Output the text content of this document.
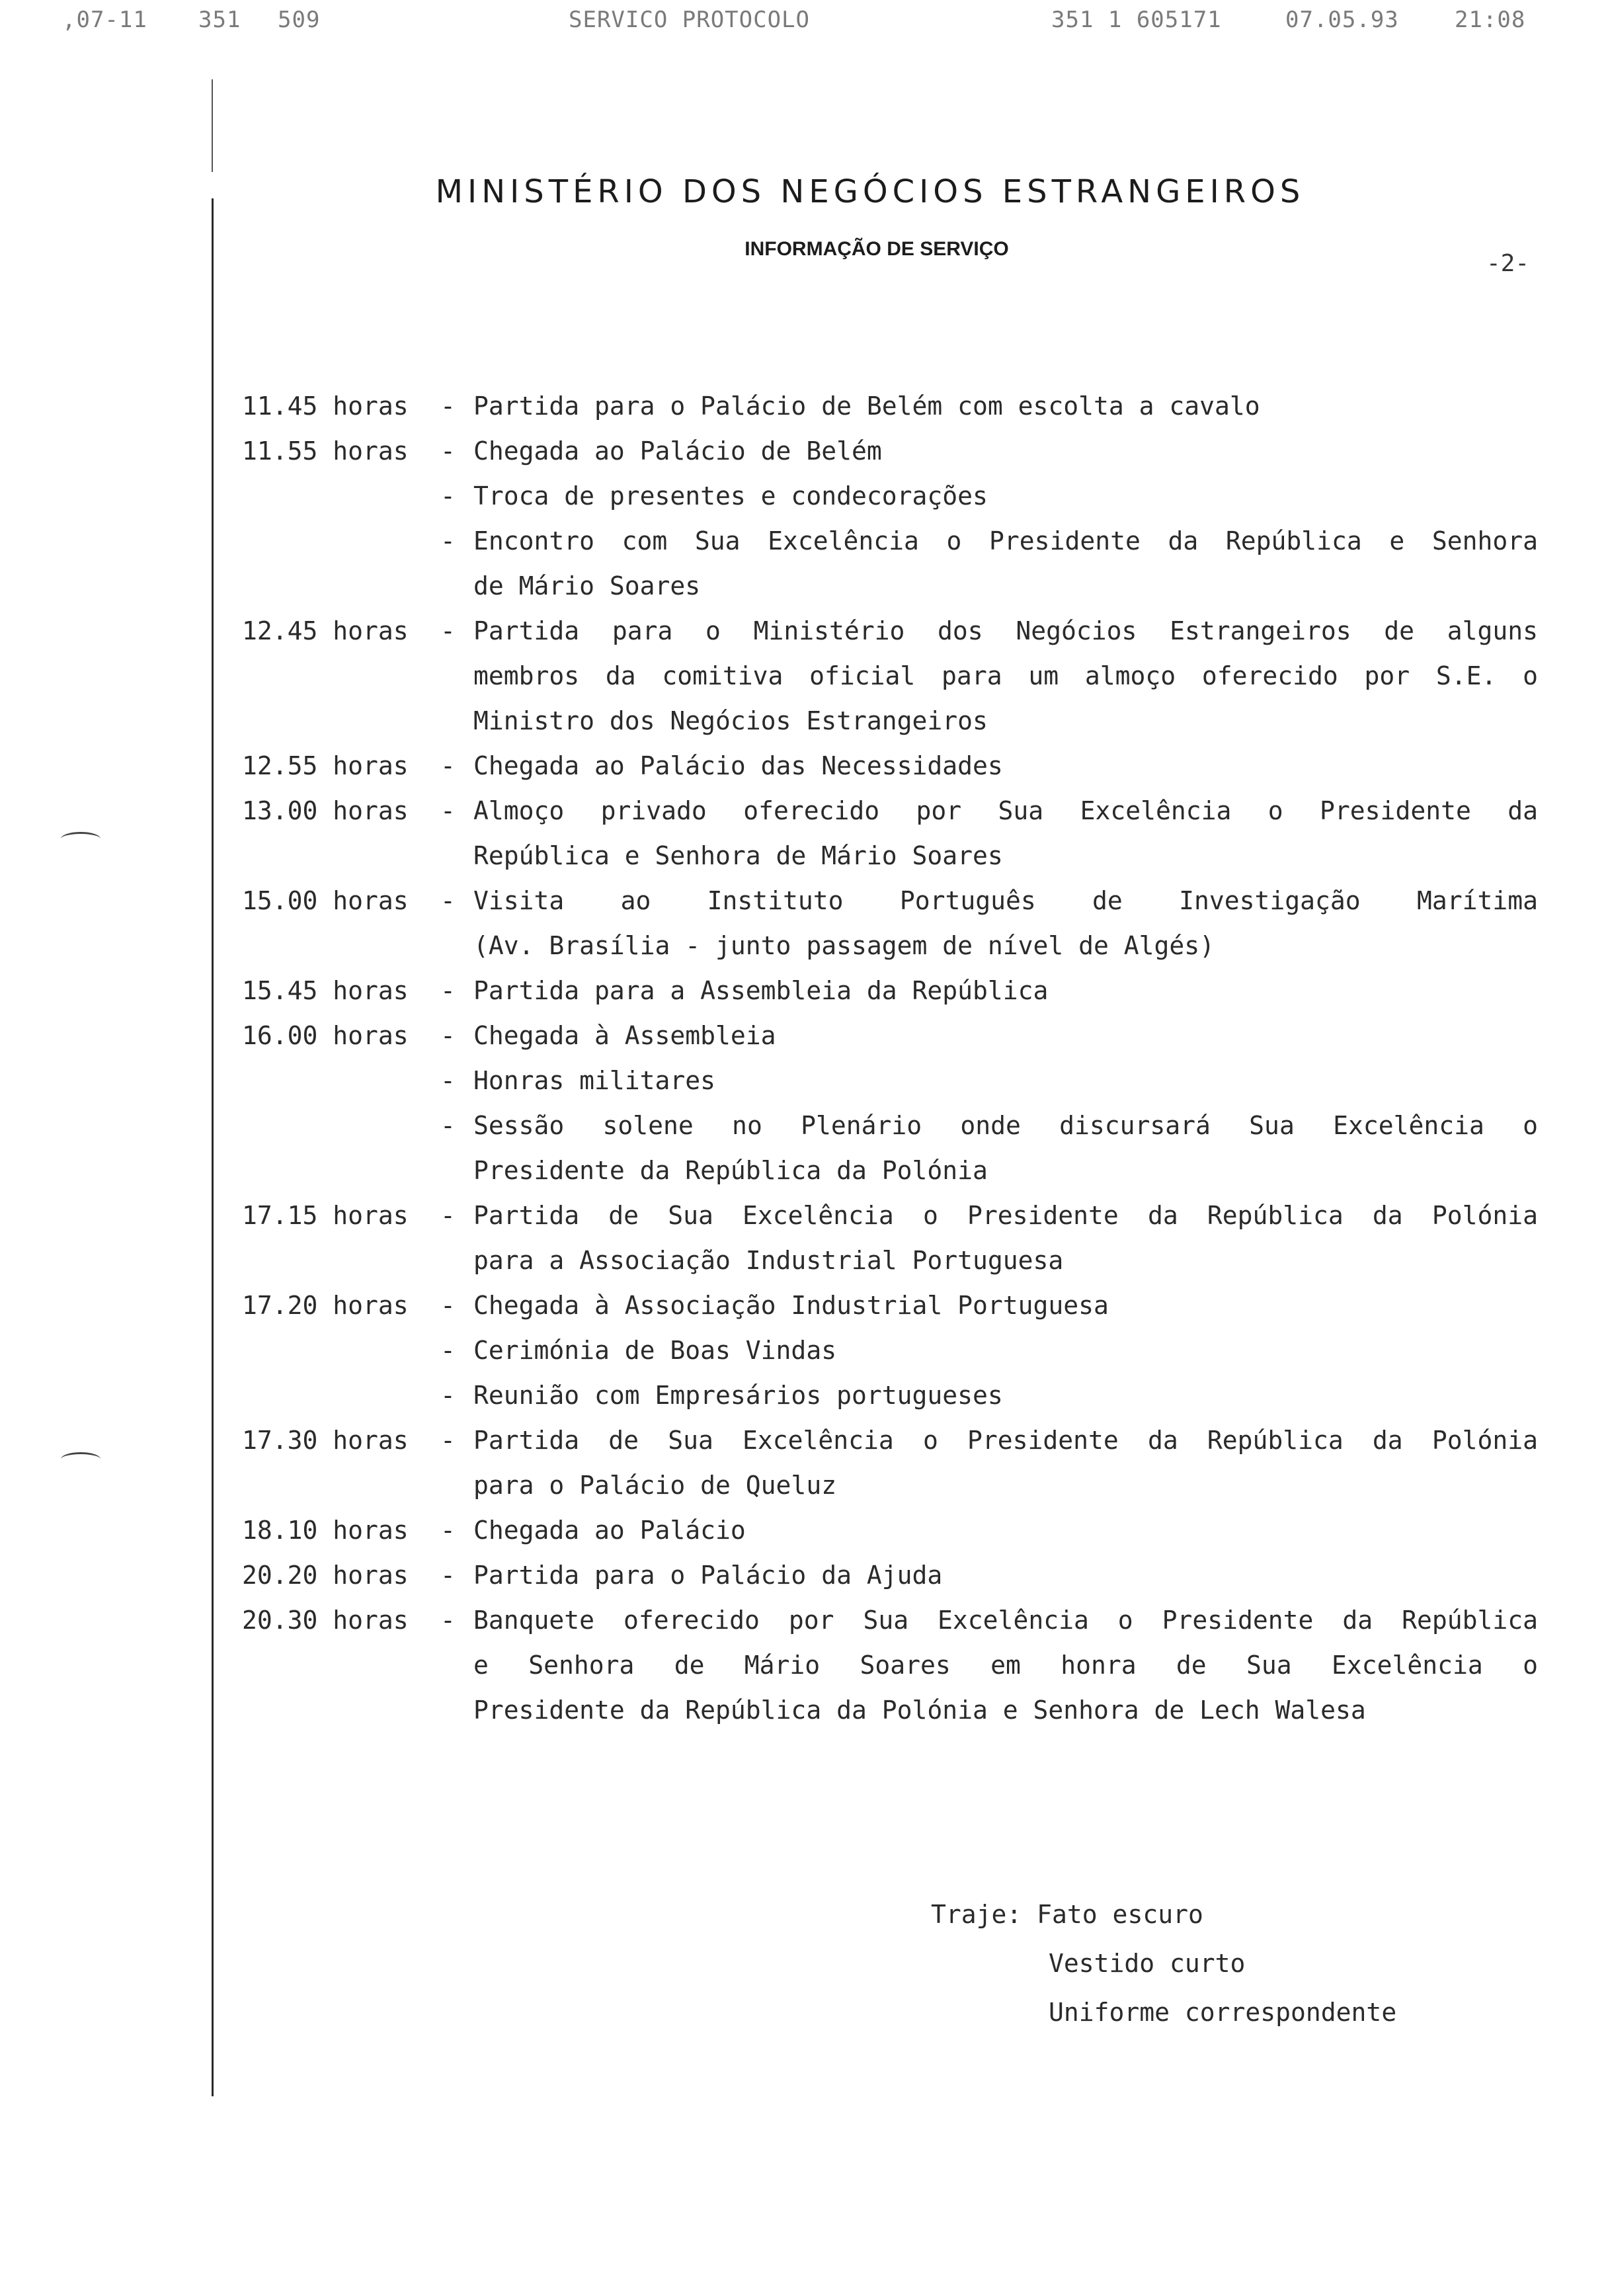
,07-11 351 509	SERVICO PROTOCOLO	351 1 605171	07.05.93 21:08
MINISTÉRIO DOS NEGÓCIOS ESTRANGEIROS
INFORMAÇÃO DE SERVIÇO
-2-
11.45 horas	- Partida para o Palácio de Belém com escolta a cavalo
11.55 horas	- Chegada ao Palácio de Belém
- Troca de presentes e condecorações
- Encontro com Sua Excelência o Presidente da República e Senhora
de Mário Soares
12.45 horas	- Partida para o Ministério dos Negócios Estrangeiros de alguns
membros da comitiva oficial para um almoço oferecido por S.E. o
Ministro dos Negócios Estrangeiros
12.55 horas	- Chegada ao Palácio das Necessidades
13.00 horas	- Almoço privado oferecido por Sua Excelência o Presidente da
República e Senhora de Mário Soares
15.00 horas	- Visita ao Instituto Português de Investigação Marítima
(Av. Brasília - junto passagem de nível de Algés)
15.45 horas	- Partida para a Assembleia da República
16.00 horas	- Chegada à Assembleia
- Honras militares
- Sessão solene no Plenário onde discursará Sua Excelência o
Presidente da República da Polónia
17.15 horas	- Partida de Sua Excelência o Presidente da República da Polónia
para a Associação Industrial Portuguesa
17.20 horas	- Chegada à Associação Industrial Portuguesa
- Cerimónia de Boas Vindas
- Reunião com Empresários portugueses
17.30 horas	- Partida de Sua Excelência o Presidente da República da Polónia
para o Palácio de Queluz
18.10 horas	- Chegada ao Palácio
20.20 horas	- Partida para o Palácio da Ajuda
20.30 horas	- Banquete oferecido por Sua Excelência o Presidente da República
e Senhora de Mário Soares em honra de Sua Excelência o
Presidente da República da Polónia e Senhora de Lech Walesa
Traje: Fato escuro
Vestido curto
Uniforme correspondente
